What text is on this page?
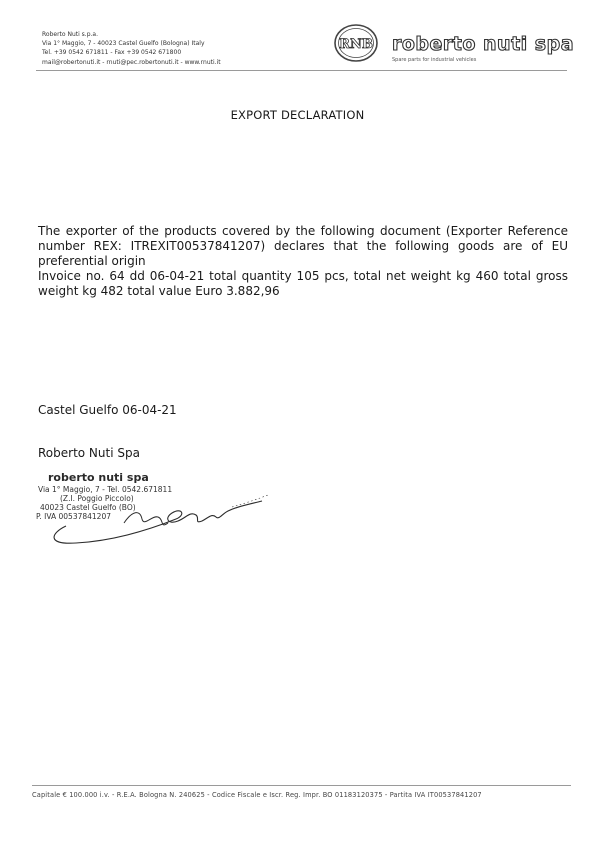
Roberto Nuti s.p.a.
Via 1° Maggio, 7 - 40023 Castel Guelfo (Bologna) Italy
Tel. +39 0542 671811 - Fax +39 0542 671800
mail@robertonuti.it - rnuti@pec.robertonuti.it - www.rnuti.it
RNB roberto nuti spa
Spare parts for industrial vehicles
EXPORT DECLARATION

The exporter of the products covered by the following document (Exporter Reference number REX: ITREXIT00537841207) declares that the following goods are of EU preferential origin

Invoice no. 64 dd 06-04-21 total quantity 105 pcs, total net weight kg 460 total gross weight kg 482 total value Euro 3.882,96

Castel Guelfo 06-04-21
Roberto Nuti Spa
roberto nuti spa
Via 1° Maggio, 7 - Tel. 0542.671811
(Z.I. Poggio Piccolo)
40023 Castel Guelfo (BO)
P. IVA 00537841207
Capitale € 100.000 i.v. - R.E.A. Bologna N. 240625 - Codice Fiscale e Iscr. Reg. Impr. BO 01183120375 - Partita IVA IT00537841207
